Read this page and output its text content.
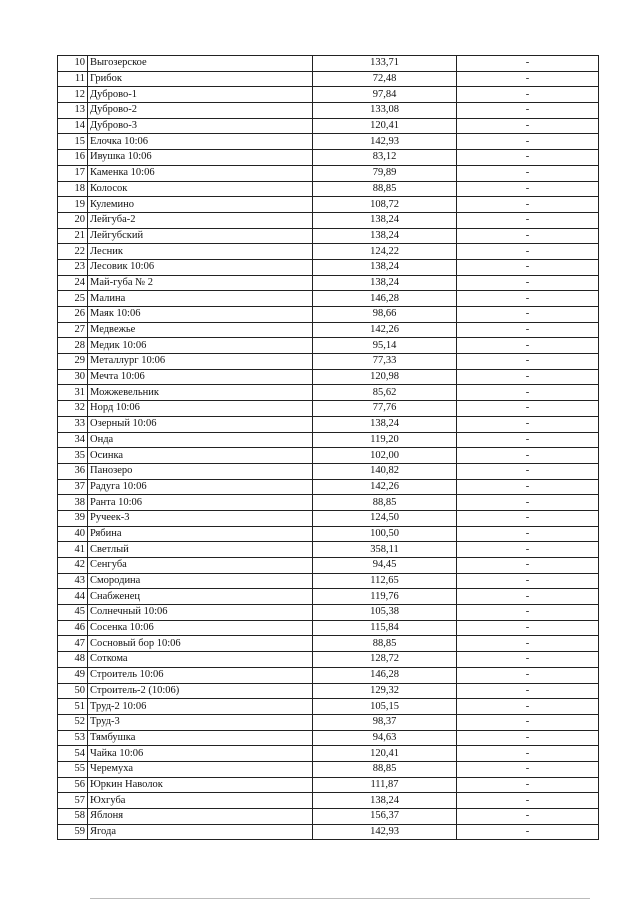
10	Выгозерское	133,71	-
11	Грибок	72,48	-
12	Дуброво-1	97,84	-
13	Дуброво-2	133,08	-
14	Дуброво-3	120,41	-
15	Елочка 10:06	142,93	-
16	Ивушка 10:06	83,12	-
17	Каменка 10:06	79,89	-
18	Колосок	88,85	-
19	Кулемино	108,72	-
20	Лейгуба-2	138,24	-
21	Лейгубский	138,24	-
22	Лесник	124,22	-
23	Лесовик 10:06	138,24	-
24	Май-губа № 2	138,24	-
25	Малина	146,28	-
26	Маяк 10:06	98,66	-
27	Медвежье	142,26	-
28	Медик 10:06	95,14	-
29	Металлург 10:06	77,33	-
30	Мечта 10:06	120,98	-
31	Можжевельник	85,62	-
32	Норд 10:06	77,76	-
33	Озерный 10:06	138,24	-
34	Онда	119,20	-
35	Осинка	102,00	-
36	Панозеро	140,82	-
37	Радуга 10:06	142,26	-
38	Ранта 10:06	88,85	-
39	Ручеек-3	124,50	-
40	Рябина	100,50	-
41	Светлый	358,11	-
42	Сенгуба	94,45	-
43	Смородина	112,65	-
44	Снабженец	119,76	-
45	Солнечный 10:06	105,38	-
46	Сосенка 10:06	115,84	-
47	Сосновый бор 10:06	88,85	-
48	Соткома	128,72	-
49	Строитель 10:06	146,28	-
50	Строитель-2 (10:06)	129,32	-
51	Труд-2 10:06	105,15	-
52	Труд-3	98,37	-
53	Тямбушка	94,63	-
54	Чайка 10:06	120,41	-
55	Черемуха	88,85	-
56	Юркин Наволок	111,87	-
57	Юхгуба	138,24	-
58	Яблоня	156,37	-
59	Ягода	142,93	-
